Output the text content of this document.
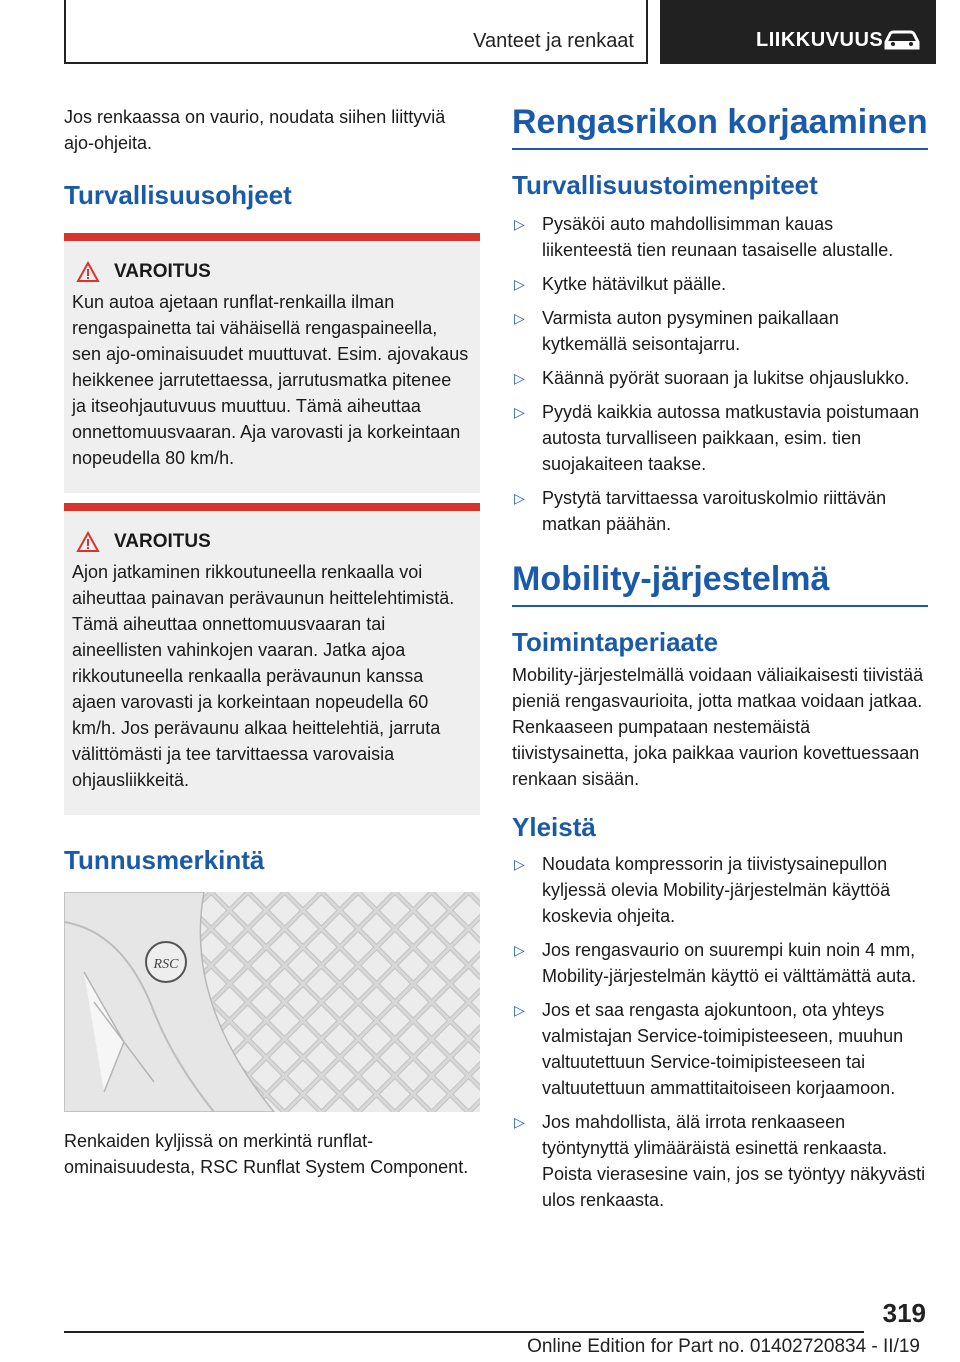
Vanteet ja renkaat	LIIKKUVUUS

Jos renkaassa on vaurio, noudata siihen liittyviä ajo-ohjeita.

Turvallisuusohjeet
VAROITUS

Kun autoa ajetaan runflat-renkailla ilman rengaspainetta tai vähäisellä rengaspaineella, sen ajo-ominaisuudet muuttuvat. Esim. ajovakaus heikkenee jarrutettaessa, jarrutusmatka pitenee ja itseohjautuvuus muuttuu. Tämä aiheuttaa onnettomuusvaaran. Aja varovasti ja korkeintaan nopeudella 80 km/h.

VAROITUS

Ajon jatkaminen rikkoutuneella renkaalla voi aiheuttaa painavan perävaunun heittelehtimistä. Tämä aiheuttaa onnettomuusvaaran tai aineellisten vahinkojen vaaran. Jatka ajoa rikkoutuneella renkaalla perävaunun kanssa ajaen varovasti ja korkeintaan nopeudella 60 km/h. Jos perävaunu alkaa heittelehtiä, jarruta välittömästi ja tee tarvittaessa varovaisia ohjausliikkeitä.

Tunnusmerkintä
RSC

Renkaiden kyljissä on merkintä runflat-ominaisuudesta, RSC Runflat System Component.

Rengasrikon korjaaminen
Turvallisuustoimenpiteet
▷ Pysäköi auto mahdollisimman kauas liikenteestä tien reunaan tasaiselle alustalle.
▷ Kytke hätävilkut päälle.
▷ Varmista auton pysyminen paikallaan kytkemällä seisontajarru.
▷ Käännä pyörät suoraan ja lukitse ohjauslukko.
▷ Pyydä kaikkia autossa matkustavia poistumaan autosta turvalliseen paikkaan, esim. tien suojakaiteen taakse.
▷ Pystytä tarvittaessa varoituskolmio riittävän matkan päähän.
Mobility-järjestelmä
Toimintaperiaate

Mobility-järjestelmällä voidaan väliaikaisesti tiivistää pieniä rengasvaurioita, jotta matkaa voidaan jatkaa. Renkaaseen pumpataan nestemäistä tiivistysainetta, joka paikkaa vaurion kovettuessaan renkaan sisään.

Yleistä
▷ Noudata kompressorin ja tiivistysainepullon kyljessä olevia Mobility-järjestelmän käyttöä koskevia ohjeita.
▷ Jos rengasvaurio on suurempi kuin noin 4 mm, Mobility-järjestelmän käyttö ei välttämättä auta.
▷ Jos et saa rengasta ajokuntoon, ota yhteys valmistajan Service-toimipisteeseen, muuhun valtuutettuun Service-toimipisteeseen tai valtuutettuun ammattitaitoiseen korjaamoon.
▷ Jos mahdollista, älä irrota renkaaseen työntynyttä ylimääräistä esinettä renkaasta. Poista vierasesine vain, jos se työntyy näkyvästi ulos renkaasta.
319
Online Edition for Part no. 01402720834 - II/19
